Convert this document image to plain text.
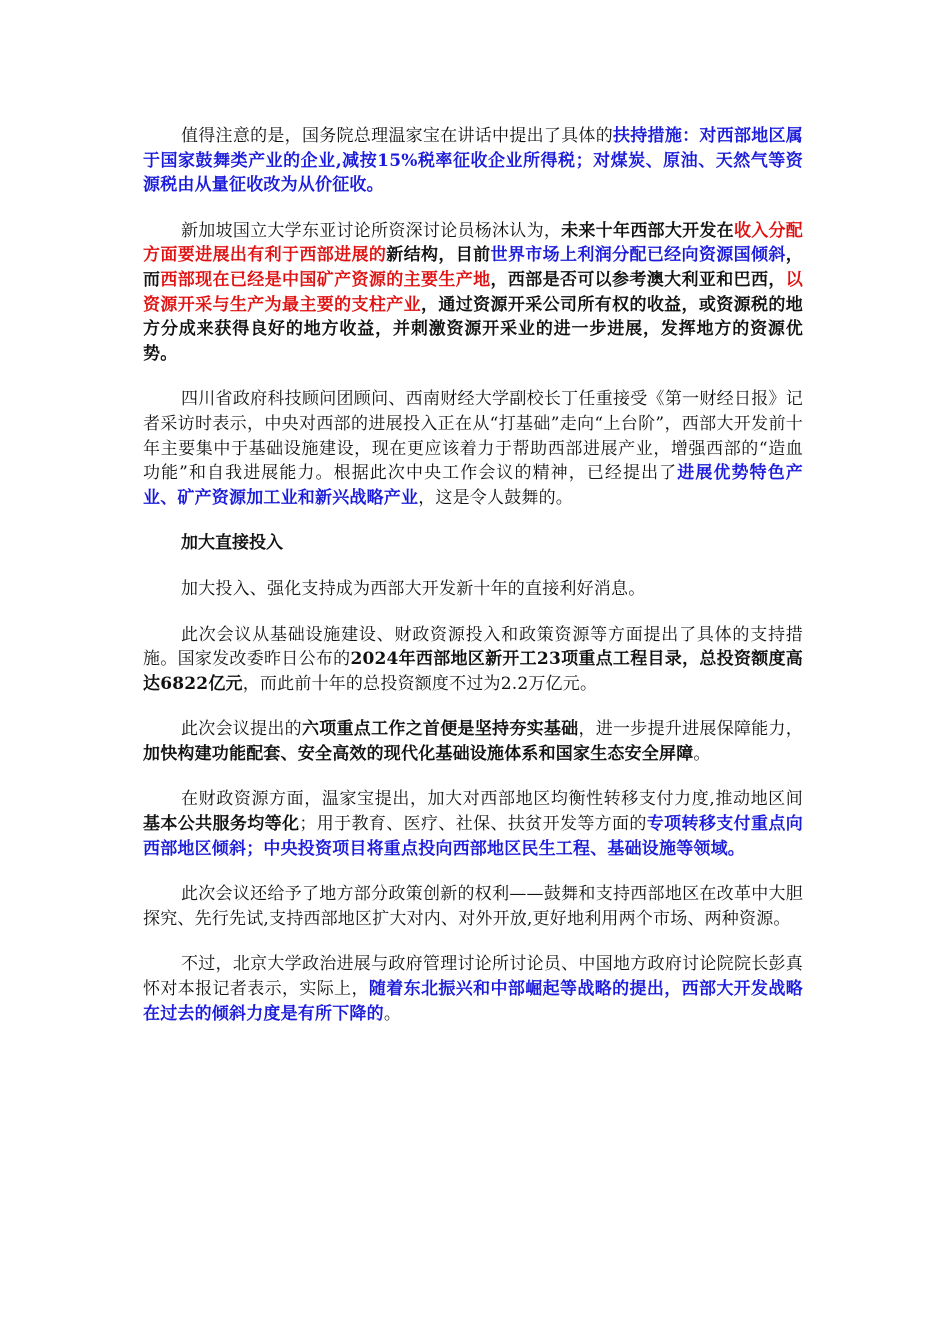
值得注意的是，国务院总理温家宝在讲话中提出了具体的扶持措施：对西部地区属于国家鼓舞类产业的企业,减按15%税率征收企业所得税；对煤炭、原油、天然气等资源税由从量征收改为从价征收。

新加坡国立大学东亚讨论所资深讨论员杨沐认为，未来十年西部大开发在收入分配方面要进展出有利于西部进展的新结构，目前世界市场上利润分配已经向资源国倾斜，而西部现在已经是中国矿产资源的主要生产地，西部是否可以参考澳大利亚和巴西，以资源开采与生产为最主要的支柱产业，通过资源开采公司所有权的收益，或资源税的地方分成来获得良好的地方收益，并刺激资源开采业的进一步进展，发挥地方的资源优势。

四川省政府科技顾问团顾问、西南财经大学副校长丁任重接受《第一财经日报》记者采访时表示，中央对西部的进展投入正在从“打基础”走向“上台阶”，西部大开发前十年主要集中于基础设施建设，现在更应该着力于帮助西部进展产业，增强西部的“造血功能”和自我进展能力。根据此次中央工作会议的精神，已经提出了进展优势特色产业、矿产资源加工业和新兴战略产业，这是令人鼓舞的。

加大直接投入

加大投入、强化支持成为西部大开发新十年的直接利好消息。

此次会议从基础设施建设、财政资源投入和政策资源等方面提出了具体的支持措施。国家发改委昨日公布的2024年西部地区新开工23项重点工程目录，总投资额度高达6822亿元，而此前十年的总投资额度不过为2.2万亿元。

此次会议提出的六项重点工作之首便是坚持夯实基础，进一步提升进展保障能力，加快构建功能配套、安全高效的现代化基础设施体系和国家生态安全屏障。

在财政资源方面，温家宝提出，加大对西部地区均衡性转移支付力度,推动地区间基本公共服务均等化；用于教育、医疗、社保、扶贫开发等方面的专项转移支付重点向西部地区倾斜；中央投资项目将重点投向西部地区民生工程、基础设施等领域。

此次会议还给予了地方部分政策创新的权利——鼓舞和支持西部地区在改革中大胆探究、先行先试,支持西部地区扩大对内、对外开放,更好地利用两个市场、两种资源。

不过，北京大学政治进展与政府管理讨论所讨论员、中国地方政府讨论院院长彭真怀对本报记者表示，实际上，随着东北振兴和中部崛起等战略的提出，西部大开发战略在过去的倾斜力度是有所下降的。
